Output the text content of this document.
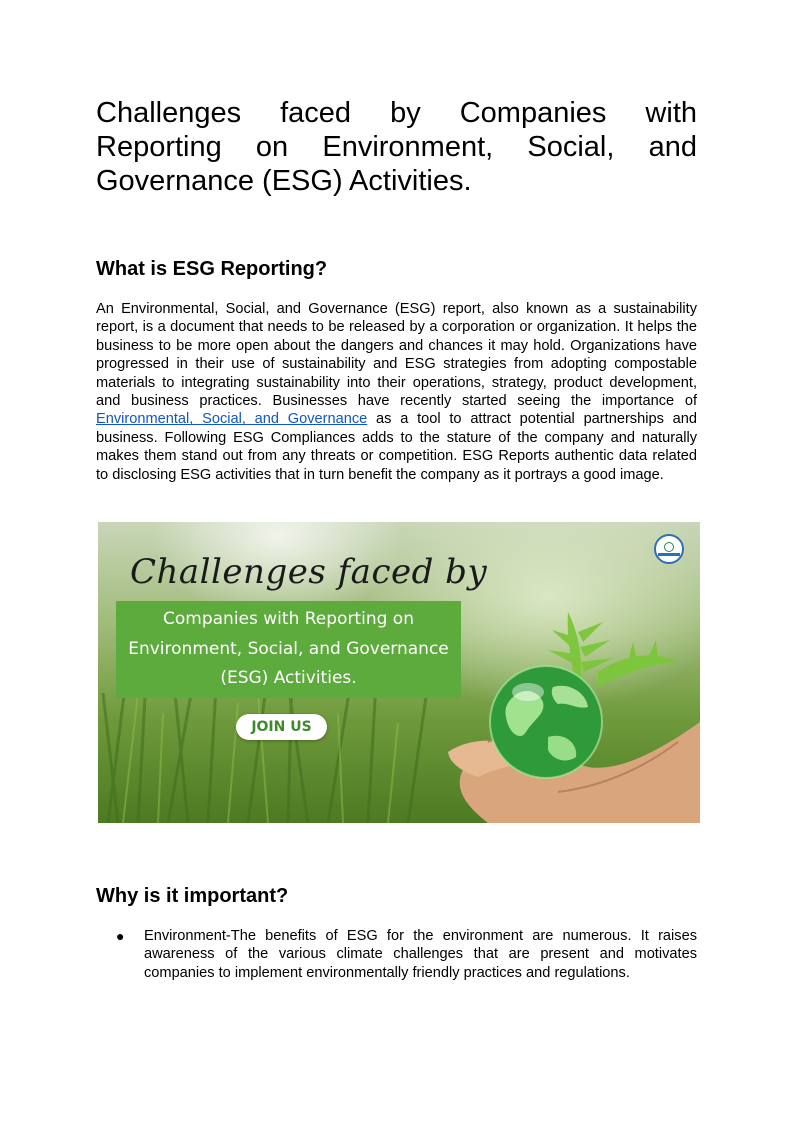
Challenges faced by Companies with Reporting on Environment, Social, and Governance (ESG) Activities.
What is ESG Reporting?

An Environmental, Social, and Governance (ESG) report, also known as a sustainability report, is a document that needs to be released by a corporation or organization. It helps the business to be more open about the dangers and chances it may hold. Organizations have progressed in their use of sustainability and ESG strategies from adopting compostable materials to integrating sustainability into their operations, strategy, product development, and business practices. Businesses have recently started seeing the importance of Environmental, Social, and Governance as a tool to attract potential partnerships and business. Following ESG Compliances adds to the stature of the company and naturally makes them stand out from any threats or competition. ESG Reports authentic data related to disclosing ESG activities that in turn benefit the company as it portrays a good image.

Why is it important?
● Environment-The benefits of ESG for the environment are numerous. It raises awareness of the various climate challenges that are present and motivates companies to implement environmentally friendly practices and regulations.
Challenges faced by
Companies with Reporting on
Environment, Social, and Governance
(ESG) Activities.
JOIN US
